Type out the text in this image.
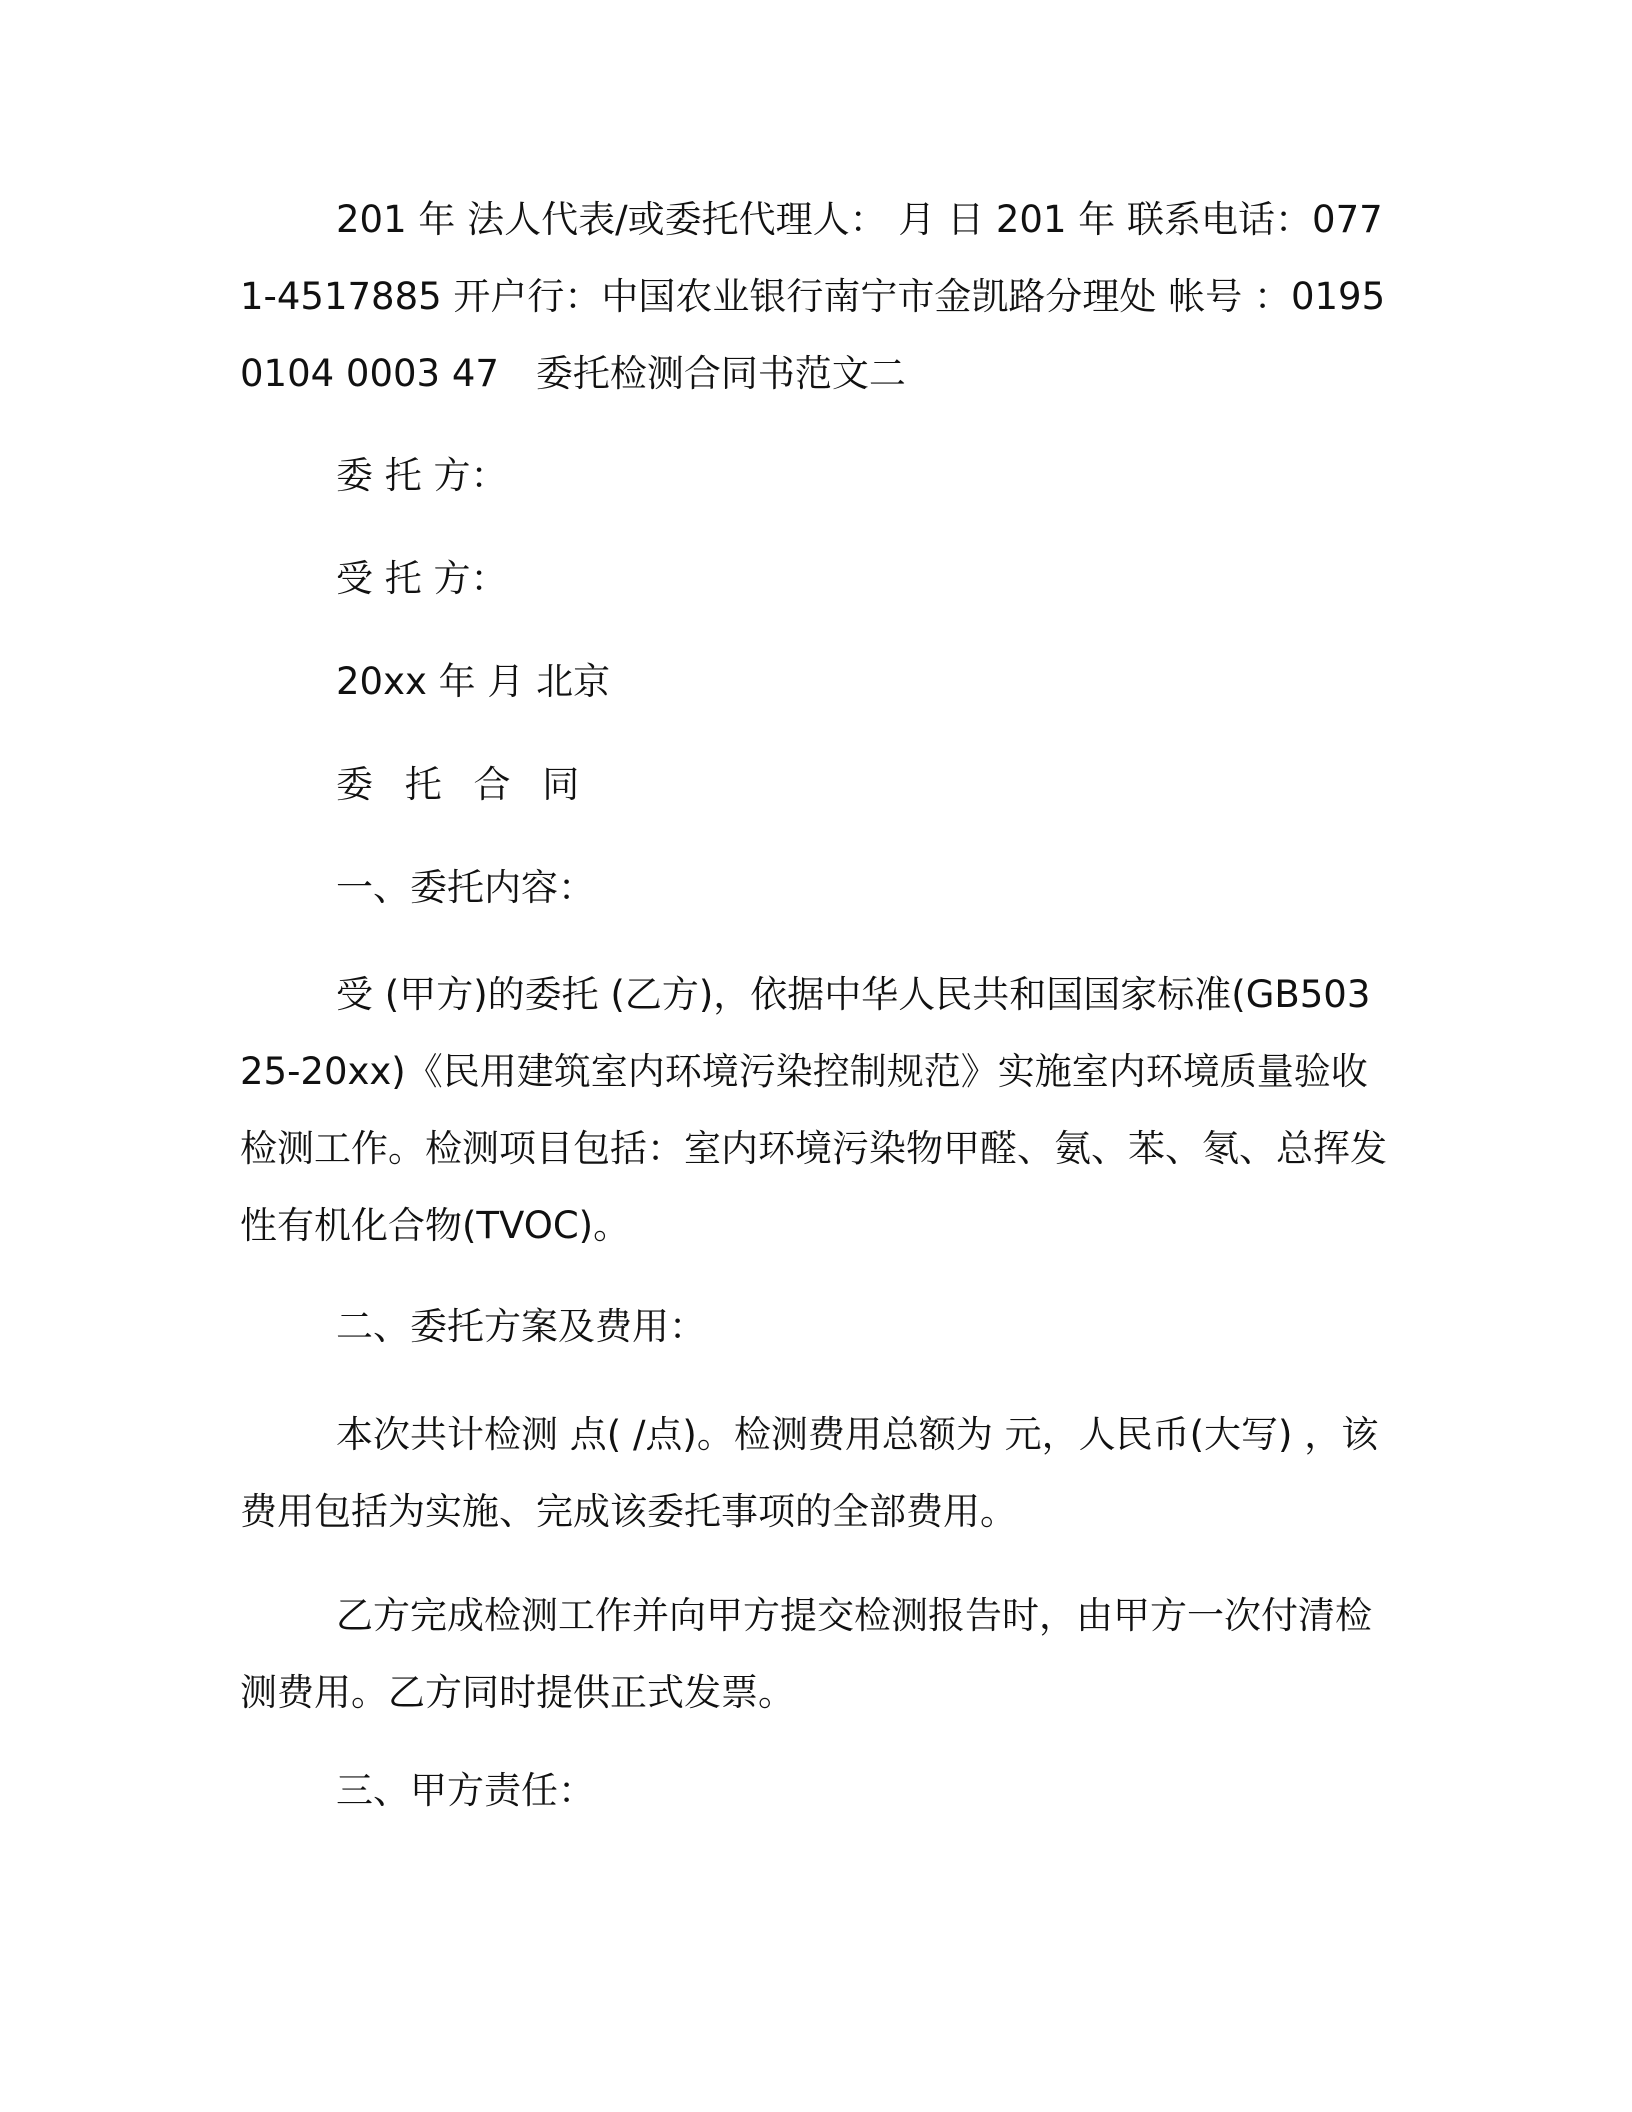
201 年 法人代表/或委托代理人： 月 日 201 年 联系电话：0771-4517885 开户行：中国农业银行南宁市金凯路分理处 帐号 ：0195 0104 0003 47　委托检测合同书范文二
委 托 方：
受 托 方：
20xx 年 月 北京
委 托 合 同
一、委托内容：
受 (甲方)的委托 (乙方)，依据中华人民共和国国家标准(GB50325-20xx)《民用建筑室内环境污染控制规范》实施室内环境质量验收检测工作。检测项目包括：室内环境污染物甲醛、氨、苯、氡、总挥发性有机化合物(TVOC)。
二、委托方案及费用：
本次共计检测 点( /点)。检测费用总额为 元，人民币(大写) ，该费用包括为实施、完成该委托事项的全部费用。
乙方完成检测工作并向甲方提交检测报告时，由甲方一次付清检测费用。乙方同时提供正式发票。
三、甲方责任：
